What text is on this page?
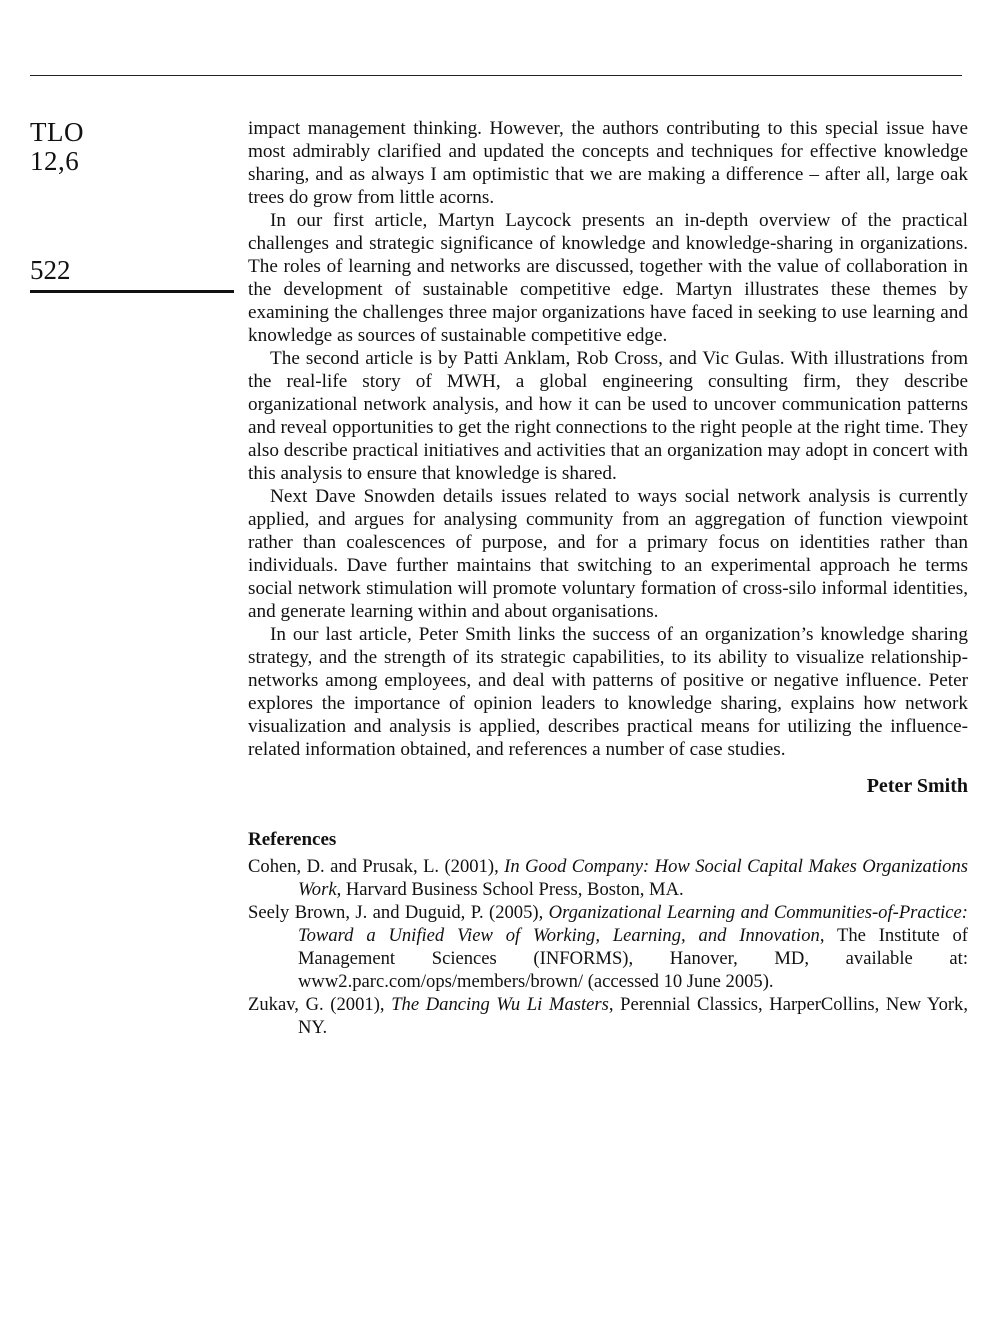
TLO

12,6

522

impact management thinking. However, the authors contributing to this special issue have most admirably clarified and updated the concepts and techniques for effective knowledge sharing, and as always I am optimistic that we are making a difference – after all, large oak trees do grow from little acorns.

In our first article, Martyn Laycock presents an in-depth overview of the practical challenges and strategic significance of knowledge and knowledge-sharing in organizations. The roles of learning and networks are discussed, together with the value of collaboration in the development of sustainable competitive edge. Martyn illustrates these themes by examining the challenges three major organizations have faced in seeking to use learning and knowledge as sources of sustainable competitive edge.

The second article is by Patti Anklam, Rob Cross, and Vic Gulas. With illustrations from the real-life story of MWH, a global engineering consulting firm, they describe organizational network analysis, and how it can be used to uncover communication patterns and reveal opportunities to get the right connections to the right people at the right time. They also describe practical initiatives and activities that an organization may adopt in concert with this analysis to ensure that knowledge is shared.

Next Dave Snowden details issues related to ways social network analysis is currently applied, and argues for analysing community from an aggregation of function viewpoint rather than coalescences of purpose, and for a primary focus on identities rather than individuals. Dave further maintains that switching to an experimental approach he terms social network stimulation will promote voluntary formation of cross-silo informal identities, and generate learning within and about organisations.

In our last article, Peter Smith links the success of an organization’s knowledge sharing strategy, and the strength of its strategic capabilities, to its ability to visualize relationship-networks among employees, and deal with patterns of positive or negative influence. Peter explores the importance of opinion leaders to knowledge sharing, explains how network visualization and analysis is applied, describes practical means for utilizing the influence-related information obtained, and references a number of case studies.

Peter Smith
References

Cohen, D. and Prusak, L. (2001), In Good Company: How Social Capital Makes Organizations Work, Harvard Business School Press, Boston, MA.

Seely Brown, J. and Duguid, P. (2005), Organizational Learning and Communities-of-Practice: Toward a Unified View of Working, Learning, and Innovation, The Institute of Management Sciences (INFORMS), Hanover, MD, available at: www2.parc.com/ops/members/brown/ (accessed 10 June 2005).

Zukav, G. (2001), The Dancing Wu Li Masters, Perennial Classics, HarperCollins, New York, NY.
